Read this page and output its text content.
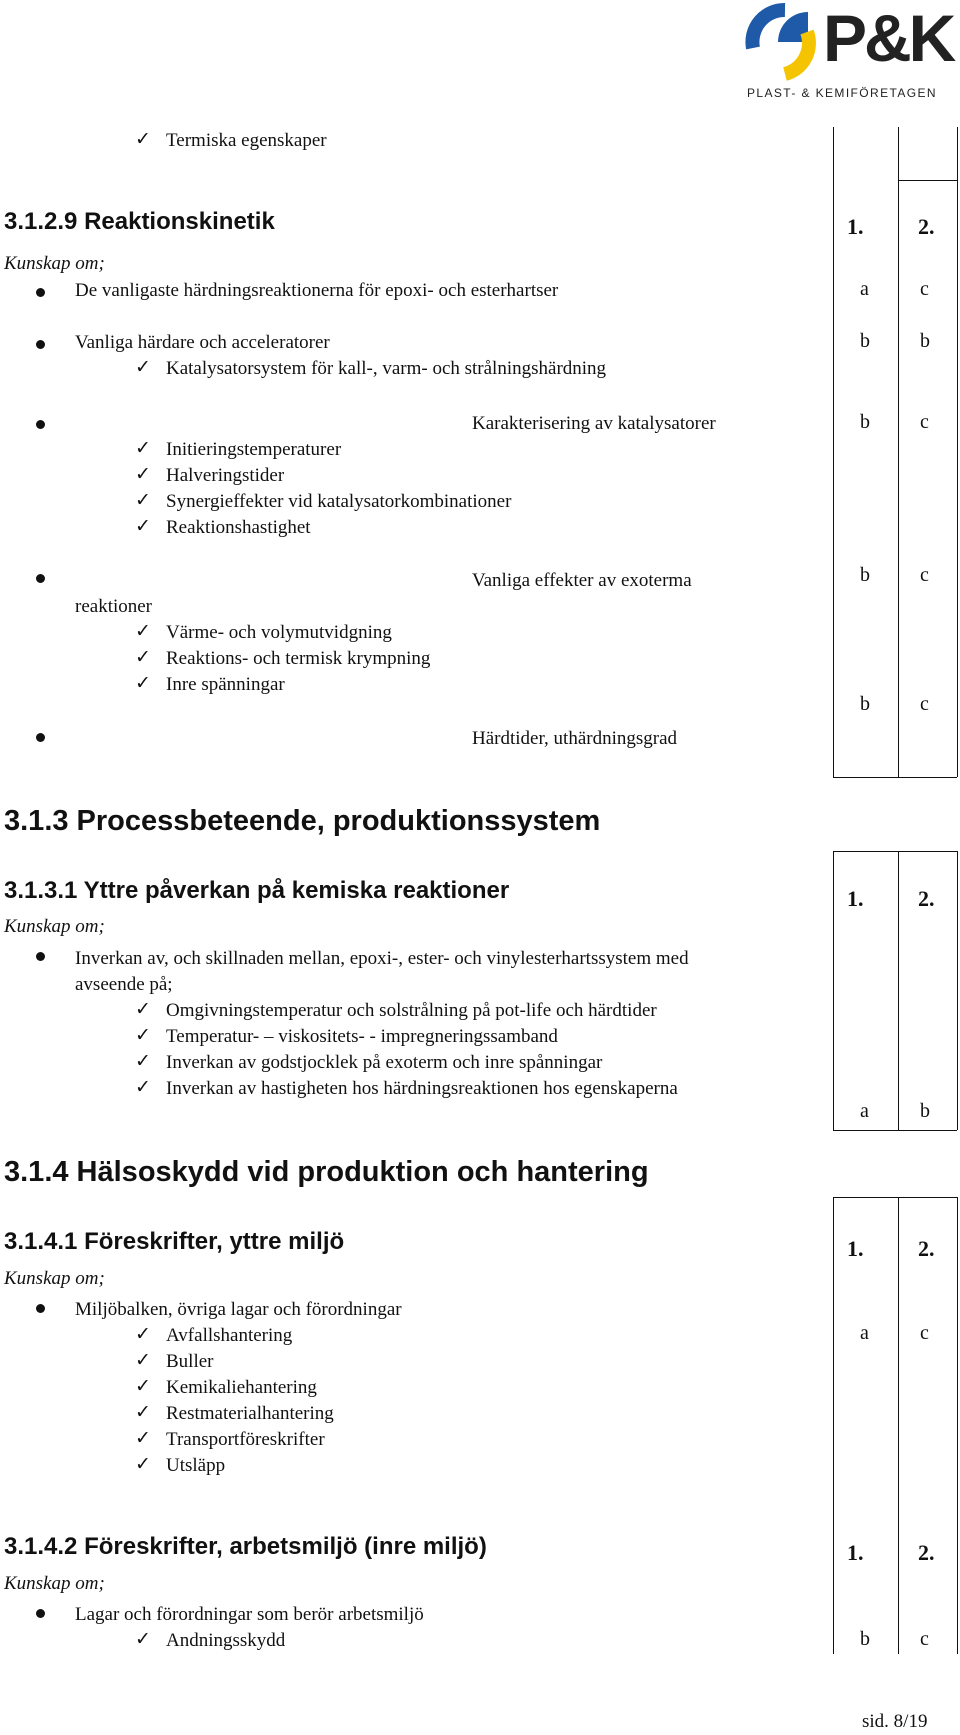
P&K
PLAST- & KEMIFÖRETAGEN
✓ Termiska egenskaper
3.1.2.9 Reaktionskinetik
Kunskap om;
1. 2.
a	c
b	b
b	c
b	c
b	c
De vanligaste härdningsreaktionerna för epoxi- och esterhartser
Vanliga härdare och acceleratorer
✓ Katalysatorsystem för kall-, varm- och strålningshärdning
Karakterisering av katalysatorer
✓ Initieringstemperaturer
✓ Halveringstider
✓ Synergieffekter vid katalysatorkombinationer
✓ Reaktionshastighet
Vanliga effekter av exoterma
reaktioner
✓ Värme- och volymutvidgning
✓ Reaktions- och termisk krympning
✓ Inre spänningar
Härdtider, uthärdningsgrad
3.1.3 Processbeteende, produktionssystem
3.1.3.1 Yttre påverkan på kemiska reaktioner
Kunskap om;
1. 2.
a	b
Inverkan av, och skillnaden mellan, epoxi-, ester- och vinylesterhartssystem med
avseende på;
✓ Omgivningstemperatur och solstrålning på pot-life och härdtider
✓ Temperatur- – viskositets- - impregneringssamband
✓ Inverkan av godstjocklek på exoterm och inre spånningar
✓ Inverkan av hastigheten hos härdningsreaktionen hos egenskaperna
3.1.4 Hälsoskydd vid produktion och hantering
3.1.4.1 Föreskrifter, yttre miljö
Kunskap om;
1. 2.
a	c
Miljöbalken, övriga lagar och förordningar
✓ Avfallshantering
✓ Buller
✓ Kemikaliehantering
✓ Restmaterialhantering
✓ Transportföreskrifter
✓ Utsläpp
1. 2.
b	c
3.1.4.2 Föreskrifter, arbetsmiljö (inre miljö)
Kunskap om;
Lagar och förordningar som berör arbetsmiljö
✓ Andningsskydd
sid. 8/19
